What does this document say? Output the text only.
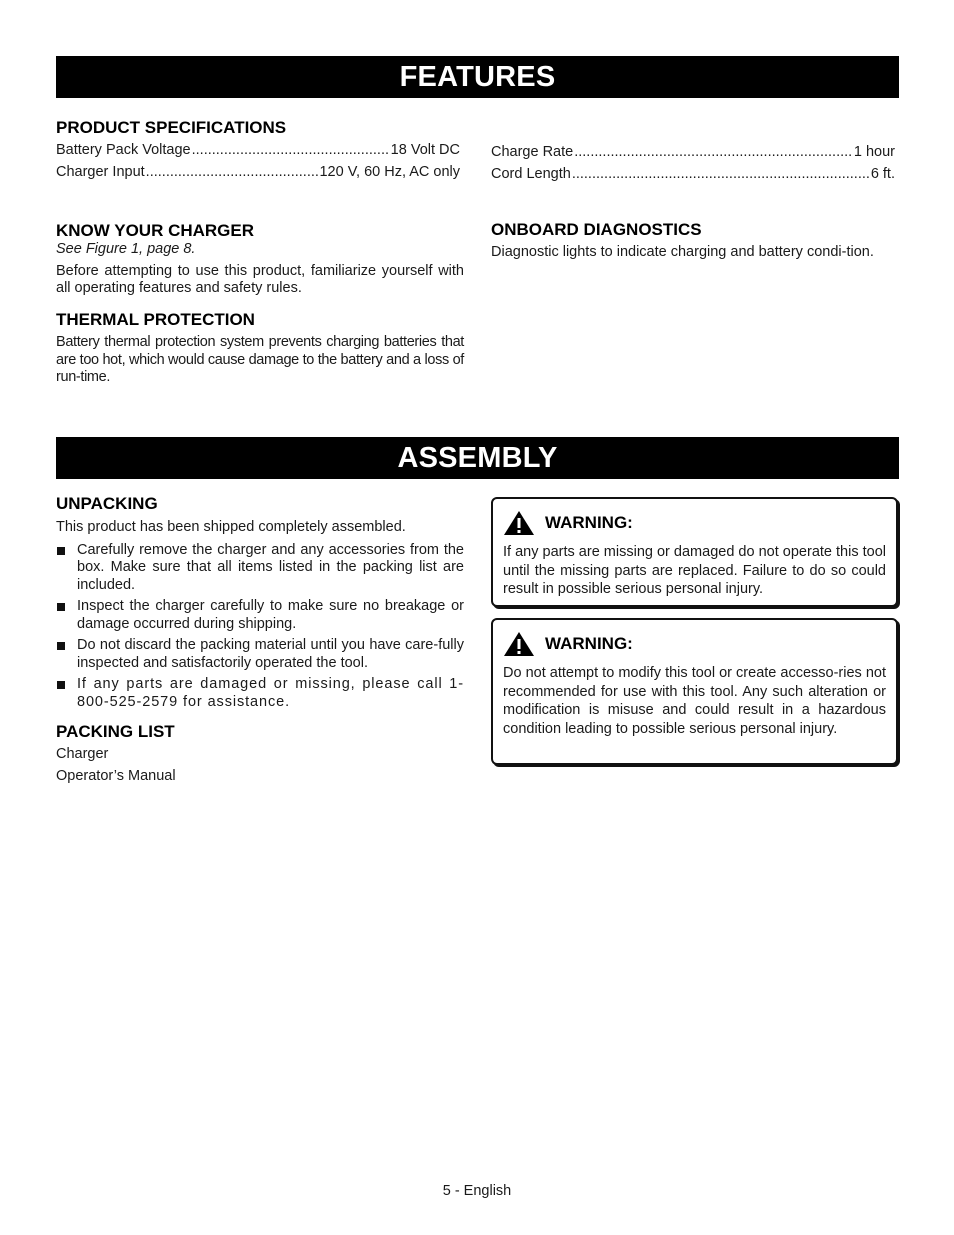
FEATURES
PRODUCT SPECIFICATIONS
Battery Pack Voltage .....	18 Volt DC
Charger Input .....	120 V, 60 Hz, AC only
Charge Rate .....	1 hour
Cord Length .....	6 ft.
KNOW YOUR CHARGER

See Figure 1, page 8.

Before attempting to use this product, familiarize yourself with all operating features and safety rules.

THERMAL PROTECTION

Battery thermal protection system prevents charging batteries that are too hot, which would cause damage to the battery and a loss of run-time.

ONBOARD DIAGNOSTICS

Diagnostic lights to indicate charging and battery condi-tion.

ASSEMBLY
UNPACKING

This product has been shipped completely assembled.

Carefully remove the charger and any accessories from the box. Make sure that all items listed in the packing list are included.
Inspect the charger carefully to make sure no breakage or damage occurred during shipping.
Do not discard the packing material until you have care-fully inspected and satisfactorily operated the tool.
If any parts are damaged or missing, please call 1-800-525-2579 for assistance.
PACKING LIST

Charger

Operator’s Manual

WARNING:

If any parts are missing or damaged do not operate this tool until the missing parts are replaced. Failure to do so could result in possible serious personal injury.

WARNING:

Do not attempt to modify this tool or create accesso-ries not recommended for use with this tool. Any such alteration or modification is misuse and could result in a hazardous condition leading to possible serious personal injury.

5 - English
